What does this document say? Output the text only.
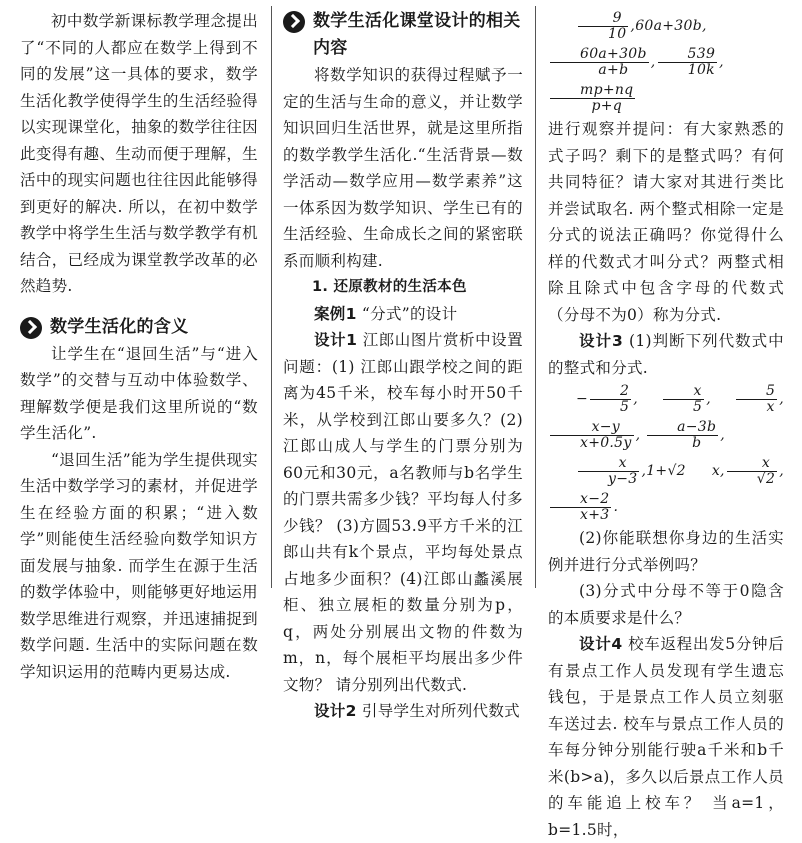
初中数学新课标教学理念提出了“不同的人都应在数学上得到不同的发展”这一具体的要求，数学生活化教学使得学生的生活经验得以实现课堂化，抽象的数学往往因此变得有趣、生动而便于理解，生活中的现实问题也往往因此能够得到更好的解决. 所以，在初中数学教学中将学生生活与数学教学有机结合，已经成为课堂教学改革的必然趋势.

数学生活化的含义

让学生在“退回生活”与“进入数学”的交替与互动中体验数学、理解数学便是我们这里所说的“数学生活化”.

“退回生活”能为学生提供现实生活中数学学习的素材，并促进学生在经验方面的积累；“进入数学”则能使生活经验向数学知识方面发展与抽象. 而学生在源于生活的数学体验中，则能够更好地运用数学思维进行观察，并迅速捕捉到数学问题. 生活中的实际问题在数学知识运用的范畴内更易达成.

数学生活化课堂设计的相关内容

将数学知识的获得过程赋予一定的生活与生命的意义，并让数学知识回归生活世界，就是这里所指的数学教学生活化.“生活背景—数学活动—数学应用—数学素养”这一体系因为数学知识、学生已有的生活经验、生命成长之间的紧密联系而顺利构建.

1. 还原教材的生活本色

案例1 “分式”的设计

设计1 江郎山图片赏析中设置问题：(1) 江郎山跟学校之间的距离为45千米，校车每小时开50千米，从学校到江郎山要多久？(2)江郎山成人与学生的门票分别为60元和30元，a名教师与b名学生的门票共需多少钱？平均每人付多少钱？ (3)方圆53.9平方千米的江郎山共有k个景点，平均每处景点占地多少面积？(4)江郎山蠡溪展柜、独立展柜的数量分别为p，q，两处分别展出文物的件数为m，n，每个展柜平均展出多少件文物？ 请分别列出代数式.

设计2 引导学生对所列代数式

$\frac{9}{10} ,60a+30b$,
$\frac{60a+30b}{a+b}$ , $\frac{539}{10k}$ ,
$\frac{mp+nq}{p+q}$

进行观察并提问：有大家熟悉的式子吗？剩下的是整式吗？有何共同特征？请大家对其进行类比并尝试取名. 两个整式相除一定是分式的说法正确吗？你觉得什么样的代数式才叫分式？两整式相除且除式中包含字母的代数式（分母不为0）称为分式.

设计3 (1)判断下列代数式中的整式和分式.

− $\frac{2}{5}$ , $\frac{x}{5}$ , $\frac{5}{x}$ ,
$\frac{x-y}{x+0.5y}$ , $\frac{a-3b}{b}$ ,

$\frac{x}{y-3} ,1+√2$ x, $\frac{x}{√2}$ ,
$\frac{x-2}{x+3}$ .

(2)你能联想你身边的生活实例并进行分式举例吗？

(3)分式中分母不等于0隐含的本质要求是什么？

设计4 校车返程出发5分钟后有景点工作人员发现有学生遗忘钱包，于是景点工作人员立刻驱车送过去. 校车与景点工作人员的车每分钟分别能行驶a千米和b千米(b>a)，多久以后景点工作人员的车能追上校车？ 当a=1，b=1.5时，
